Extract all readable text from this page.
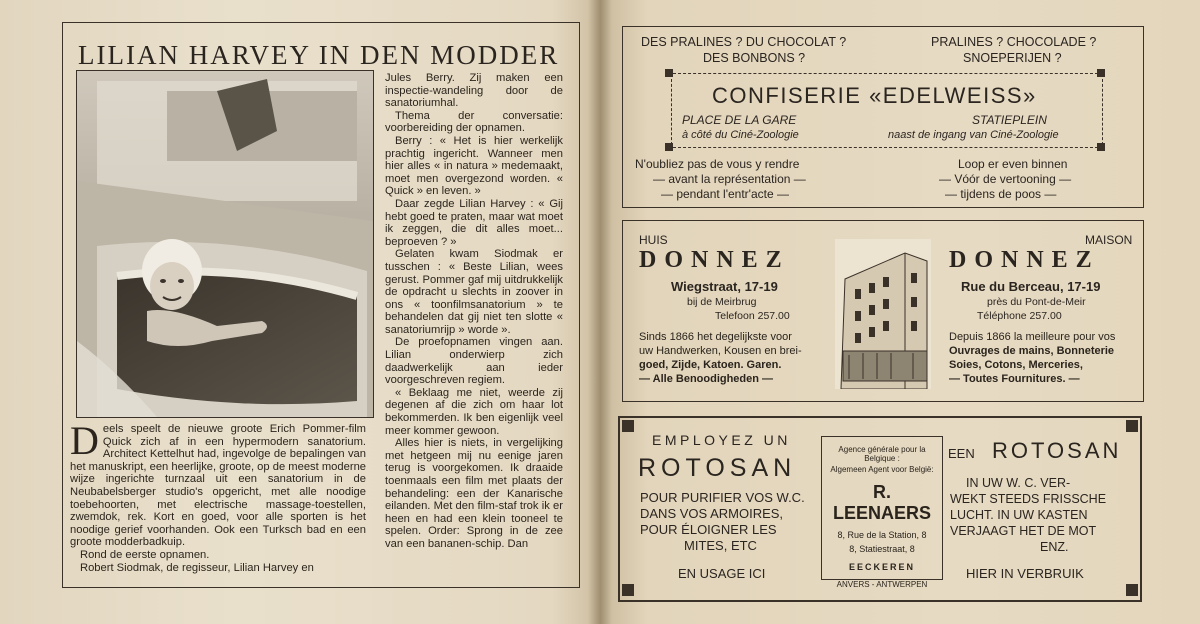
LILIAN HARVEY IN DEN MODDER

Jules Berry. Zij maken een inspectie-wandeling door de sanatoriumhal.

Thema der conversatie: voorbereiding der opnamen.

Berry : « Het is hier werkelijk prachtig ingericht. Wanneer men hier alles « in natura » medemaakt, moet men overgezond worden. « Quick » en leven. »

Daar zegde Lilian Harvey : « Gij hebt goed te praten, maar wat moet ik zeggen, die dit alles moet... beproeven ? »

Gelaten kwam Siodmak er tusschen : « Beste Lilian, wees gerust. Pommer gaf mij uitdrukkelijk de opdracht u slechts in zoover in ons « toonfilmsanatorium » te behandelen dat gij niet ten slotte « sanatoriumrijp » worde ».

De proefopnamen vingen aan. Lilian onderwierp zich daadwerkelijk aan ieder voorgeschreven regiem.

« Beklaag me niet, weerde zij degenen af die zich om haar lot bekommerden. Ik ben eigenlijk veel meer kommer gewoon.

Alles hier is niets, in vergelijking met hetgeen mij nu eenige jaren terug is voorgekomen. Ik draaide toenmaals een film met plaats der behandeling: een der Kanarische eilanden. Met den film-staf trok ik er heen en had een klein tooneel te spelen. Order: Sprong in de zee van een bananen-schip. Dan

Deels speelt de nieuwe groote Erich Pommer-film Quick zich af in een hypermodern sanatorium. Architect Kettelhut had, ingevolge de bepalingen van het manuskript, een heerlijke, groote, op de meest moderne wijze ingerichte turnzaal uit een sanatorium in de Neubabelsberger studio's opgericht, met alle noodige toebehoorten, met electrische massage-toestellen, zwemdok, rek. Kort en goed, voor alle sporten is het noodige gerief voorhanden. Ook een Turksch bad en een groote modderbadkuip.

Rond de eerste opnamen.

Robert Siodmak, de regisseur, Lilian Harvey en

DES PRALINES ? DU CHOCOLAT ?
DES BONBONS ?
PRALINES ? CHOCOLADE ?
SNOEPERIJEN ?
CONFISERIE «EDELWEISS»
PLACE DE LA GARE	STATIEPLEIN
à côté du Ciné-Zoologie	naast de ingang van Ciné-Zoologie
N'oubliez pas de vous y rendre
— avant la représentation —
— pendant l'entr'acte —
Loop er even binnen
— Vóór de vertooning —
— tijdens de poos —
HUIS	MAISON
DONNEZ	DONNEZ
Wiegstraat, 17-19
bij de Meirbrug
Telefoon 257.00
Rue du Berceau, 17-19
près du Pont-de-Meir
Téléphone 257.00
Sinds 1866 het degelijkste voor
uw Handwerken, Kousen en brei-
goed, Zijde, Katoen. Garen.
— Alle Benoodigheden —
Depuis 1866 la meilleure pour vos
Ouvrages de mains, Bonneterie
Soies, Cotons, Merceries,
— Toutes Fournitures. —
EMPLOYEZ UN
ROTOSAN
POUR PURIFIER VOS W.C.
DANS VOS ARMOIRES,
POUR ÉLOIGNER LES
MITES, ETC
EN USAGE ICI
Agence générale pour la Belgique :
Algemeen Agent voor België:
R. LEENAERS
8, Rue de la Station, 8
8, Statiestraat, 8
EECKEREN
ANVERS - ANTWERPEN
EEN ROTOSAN
IN UW W. C. VER-
WEKT STEEDS FRISSCHE
LUCHT. IN UW KASTEN
VERJAAGT HET DE MOT
ENZ.
HIER IN VERBRUIK
